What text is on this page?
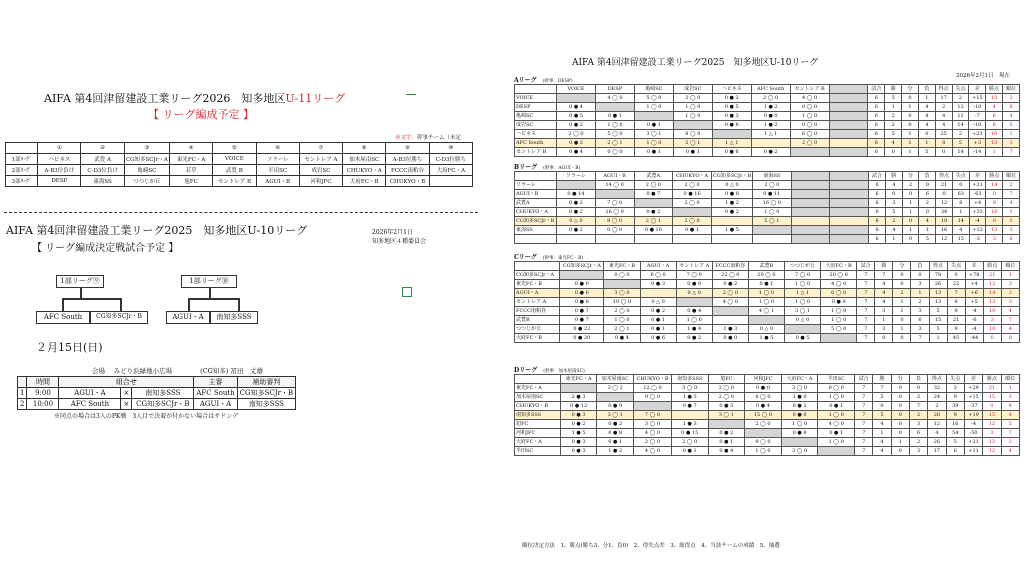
AIFA 第4回津留建設工業リーグ2026　知多地区U-11リーグ
【 リーグ編成予定 】
赤文字：幹事チーム（未定
	①	②	③	④	⑤	⑥	⑦	⑧	⑨	⑩
1部ﾘｰｸﾞ	ハビネス	武豊 A	CG知多SCJr・A	東光FC・A	VOICE	ソラーレ	セントレア A	加木屋南SC	A-B3位勝ち	C-D3位勝ち
2部ﾘｰｸﾞ	A-B3位負け	C-D3位負け	亀崎SC	若草	武豊 B	半田SC	成岩SC	CHUKYO・A	FCCC南粕谷	大府FC・A
3部ﾘｰｸﾞ	DESP	東海SS	つつじが丘	旭FC	セントレア B	AGUI・B	河和JFC	大府FC・B	CHUKYO・B	
AIFA 第4回津留建設工業リーグ2025　知多地区U-10リーグ
【 リーグ編成決定戦試合予定 】
2026年2月1日
知多地区４種委員会
1部リーグ⑨
AFC South	CG知多SCJr・B
1部リーグ⑩
AGUI・A	南知多SSS
２月15日(日)
会場　 みどり浜緑地小広場　　　　	(CG知多) 冨田　丈雄
	時間	組合せ			主審	補助審判
1	9:00	AGUI・A	×	南知多SSS	AFC South	CG知多SCJr・B
2	10:00	AFC South	×	CG知多SCJr・B	AGUI・A	南知多SSS
※同点の場合は3人のPK戦　3人目で決着が付かない場合はサドンデ
AIFA 第4回津留建設工業リーグ2025　知多地区U-10リーグ
2026年2月1日　現在
Aリーグ　 (幹事：DESP)
	VOICE	DESP	亀崎SC	成岩SC	ハビネス	AFC South	セントレア B		試合	勝	分	負	得点	失点	差	勝点	順位
VOICE		4 ◯ 0	5 ◯ 0	2 ◯ 0	0 ● 2	2 ◯ 0	4 ◯ 0		6	5	0	1	17	2	+15	15	2
DESP	0 ● 4		1 ◯ 0	1 ◯ 0	0 ● 5	1 ● 2	0 ◯ 0		6	1	1	4	2	12	-10	4	6
亀崎SC	0 ● 5	0 ● 1		1 ◯ 0	0 ● 3	0 ● 0	1 ◯ 0		6	2	0	4	4	11	-7	6	4
成岩SC	0 ● 2	1 ◯ 0	0 ● 1		0 ● 8	1 ● 2	0 ◯ 0		6	2	0	4	4	14	-10	6	5
ハビネス	2 ◯ 0	5 ◯ 0	3 ◯ 1	8 ◯ 0		1 △ 1	6 ◯ 0		6	5	1	0	25	2	+23	16	1
AFC South	0 ● 2	2 ◯ 1	1 ◯ 0	2 ◯ 1	1 △ 1		2 ◯ 0		6	4	1	1	8	5	+3	13	3
セントレア B	0 ● 4	0 ◯ 0	0 ● 1	0 ● 1	0 ● 6	0 ● 2			6	0	1	5	0	14	-14	1	7
Bリーグ　 (幹事：AGUI・B)
	ソラーレ	AGUI・B	武豊A	CHUKYO・A	CG知多SCJr・B	東海SS			試合	勝	分	負	得点	失点	差	勝点	順位
ソラーレ		14 ◯ 0	2 ◯ 0	2 ◯ 0	0 △ 0	2 ◯ 0			6	4	2	0	21	0	+21	14	2
AGUI・B	0 ● 14		0 ● 7	0 ● 16	0 ● 8	0 ● 11			6	0	0	6	0	63	-63	0	7
武豊A	0 ● 2	7 ◯ 0		2 ◯ 0	1 ● 2	16 ◯ 0			6	3	1	2	12	8	+4	9	4
CHUKYO・A	0 ● 2	16 ◯ 0	0 ● 2		0 ● 2	1 ◯ 0			6	5	1	0	34	1	+33	16	1
CG知多SCJr・B	0 △ 0	8 ◯ 0	2 ◯ 1	2 ◯ 0		5 ◯ 1			6	2	0	4	10	14	-4	6	5
東海SS	0 ● 2	0 ◯ 0	0 ● 16	0 ● 1	1 ● 5				6	4	1	1	16	4	+12	13	3
									6	1	0	5	12	15	-3	3	6
Cリーグ　 (幹事：東光FC・B)
	CG知多SCJr・A	東光FC・B	AGUI・A	セントレア A	FCCC南粕谷	武豊B	つつじが丘	大府FC・B	試合	勝	分	負	得点	失点	差	勝点	順位
CG知多SCJr・A		0 ◯ 0	6 ◯ 0	7 ◯ 0	22 ◯ 0	20 ◯ 0	7 ◯ 0	20 ◯ 0	7	7	0	0	78	0	+78	21	1
東光FC・B	0 ● 0		0 ● 3	0 ● 0	0 ● 2	0 ● 1	1 ◯ 0	4 ◯ 0	7	4	0	3	26	22	+4	12	3
AGUI・A	0 ● 6	3 ◯ 0		0 △ 0	2 ◯ 0	1 ◯ 0	1 △ 1	6 ◯ 0	7	4	2	1	13	7	+6	14	2
セントレア A	0 ● 8	10 ◯ 0	0 △ 0		4 ◯ 0	1 ◯ 0	1 ◯ 0	0 ● 0	7	4	1	2	13	8	+5	13	3
FCCC南粕谷	0 ● 7	2 ◯ 0	0 ● 2	0 ● 4		4 ◯ 1	3 ◯ 1	1 ◯ 0	7	3	1	3	5	9	-4	10	4
武豊B	0 ● 7	1 ◯ 0	0 ● 1	1 ◯ 0			0 △ 0	1 ◯ 0	7	1	0	6	15	21	-6	3	7
つつじが丘	0 ● 22	2 ◯ 1	0 ● 1	1 ● 4	1 ● 3	0 △ 0		5 ◯ 0	7	3	1	3	5	9	-4	10	4
大府FC・B	0 ● 20	0 ● 4	0 ● 6	0 ● 2	0 ● 0	1 ● 5	0 ● 5		7	0	0	7	1	45	-44	0	8
Dリーグ　 (幹事：加木屋南SC)
	東光FC・A	加木屋南SC	CHUKYO・B	南知多SSS	旭FC	河和JFC	大府FC・A	半田SC	試合	勝	分	負	得点	失点	差	勝点	順位
東光FC・A		3 ◯ 2	12 ◯ 0	3 ◯ 0	2 ◯ 0	0 ● 0	3 ◯ 0	0 ◯ 0	7	7	0	0	32	3	+29	21	1
加木屋南SC	2 ● 3		9 ◯ 0	1 ● 3	2 ◯ 0	8 ◯ 0	1 ● 0	1 ◯ 0	7	5	0	2	24	9	+15	15	3
CHUKYO・B	0 ● 12	0 ● 9		0 ● 7	0 ● 3	0 ● 4	0 ● 2	0 ● 1	7	0	0	7	2	39	-37	0	8
南知多SSS	0 ● 3	3 ◯ 1	7 ◯ 0		3 ◯ 1	15 ◯ 0	0 ● 0	1 ◯ 0	7	5	0	2	28	9	+19	15	4
旭FC	0 ● 2	0 ● 2	3 ◯ 0	1 ● 3		2 ◯ 0	1 ◯ 0	4 ◯ 0	7	4	0	3	12	16	-4	12	5
河和JFC	1 ● 5	0 ● 8	4 ◯ 0	0 ● 15	0 ● 2		0 ● 9	0 ● 1	7	1	0	6	4	54	-50	3	7
大府FC・A	0 ● 3	0 ● 1	2 ◯ 0	2 ◯ 0	0 ● 1	9 ◯ 0		1 ◯ 0	7	4	1	2	26	5	+21	13	2
半田SC	0 ● 3	1 ● 2	4 ◯ 0	0 ● 1	0 ● 4	1 ◯ 0	3 ◯ 0		7	4	0	3	17	6	+11	12	4
順位決定方法　1、勝点(勝ち3、分1、負0)　2、得失点差　3、総得点　4、当該チームの成績　5、抽選
